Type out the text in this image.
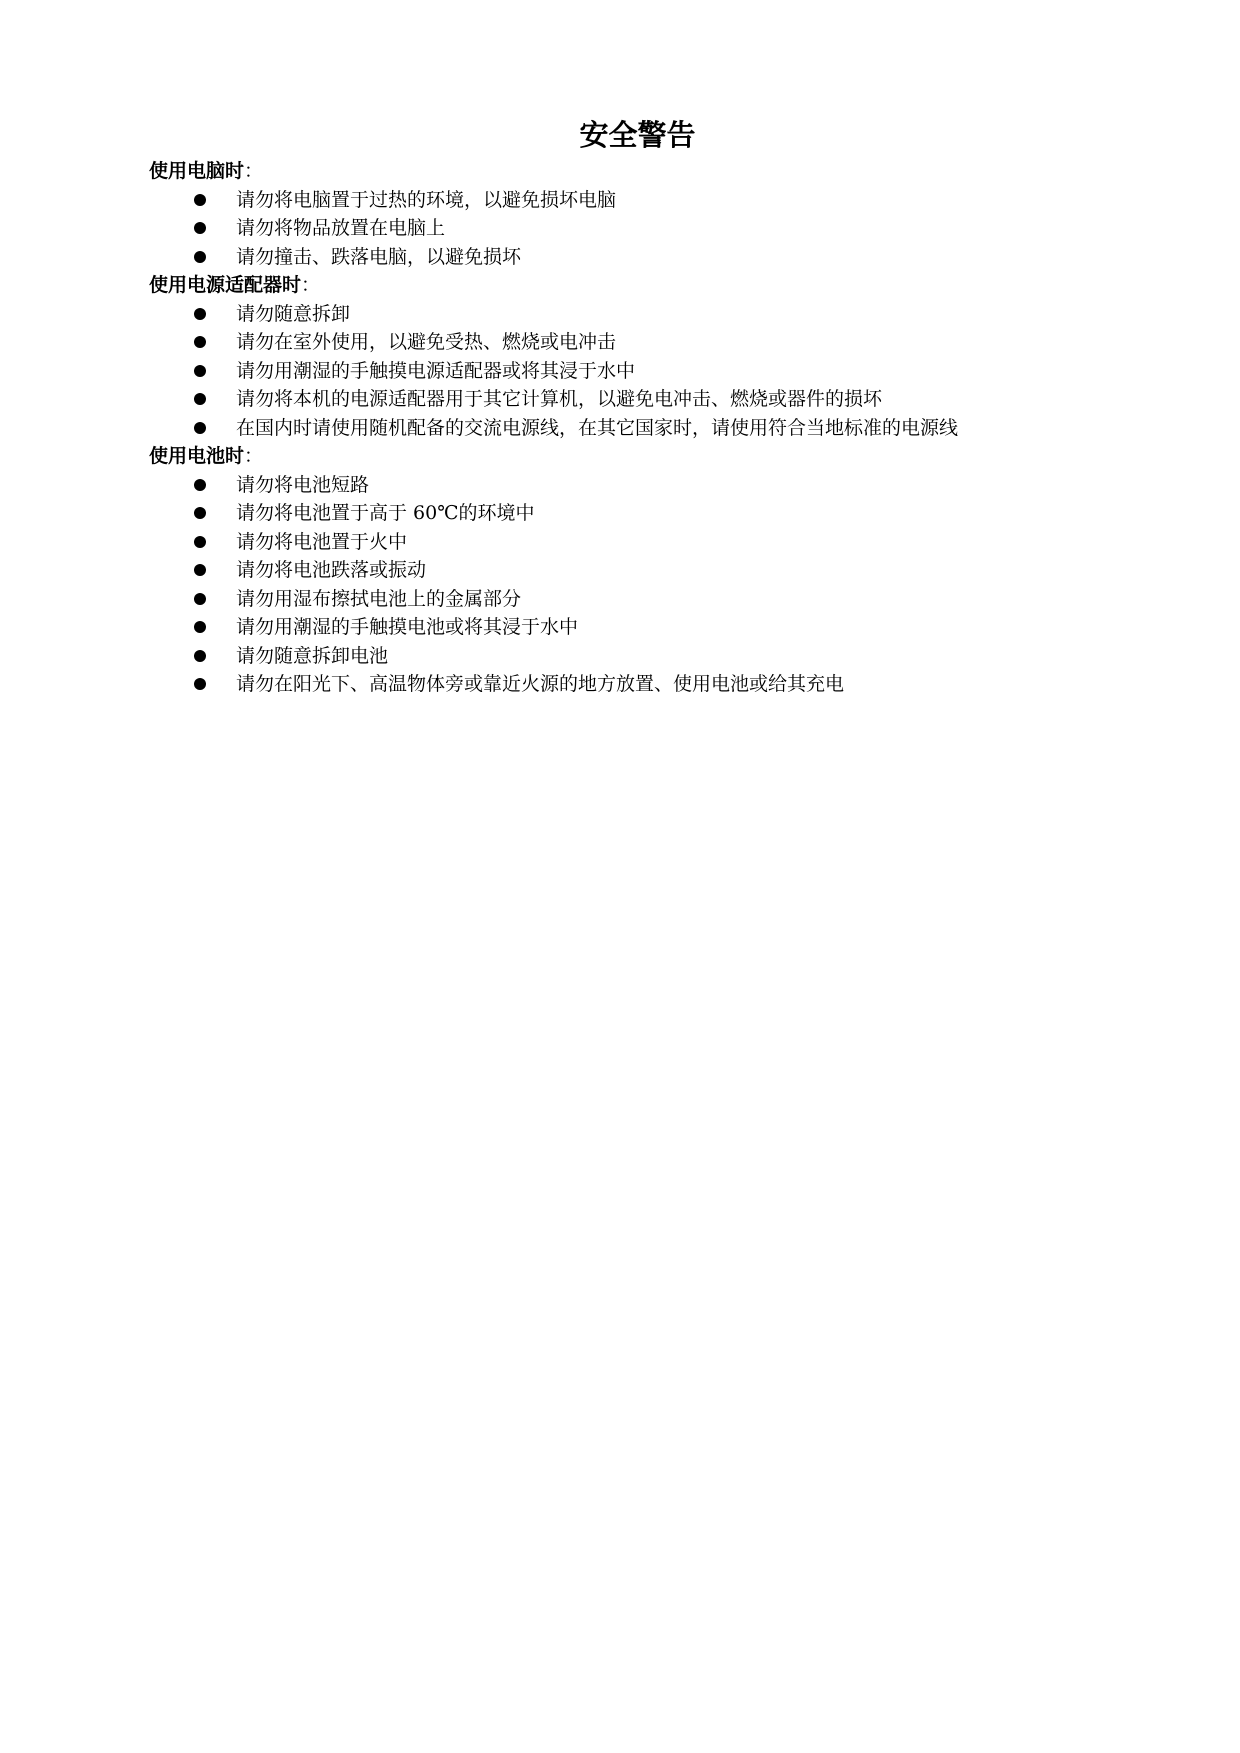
安全警告

使用电脑时：

请勿将电脑置于过热的环境，以避免损坏电脑
请勿将物品放置在电脑上
请勿撞击、跌落电脑，以避免损坏

使用电源适配器时：

请勿随意拆卸
请勿在室外使用，以避免受热、燃烧或电冲击
请勿用潮湿的手触摸电源适配器或将其浸于水中
请勿将本机的电源适配器用于其它计算机，以避免电冲击、燃烧或器件的损坏
在国内时请使用随机配备的交流电源线，在其它国家时，请使用符合当地标准的电源线

使用电池时：

请勿将电池短路
请勿将电池置于高于 60℃的环境中
请勿将电池置于火中
请勿将电池跌落或振动
请勿用湿布擦拭电池上的金属部分
请勿用潮湿的手触摸电池或将其浸于水中
请勿随意拆卸电池
请勿在阳光下、高温物体旁或靠近火源的地方放置、使用电池或给其充电
